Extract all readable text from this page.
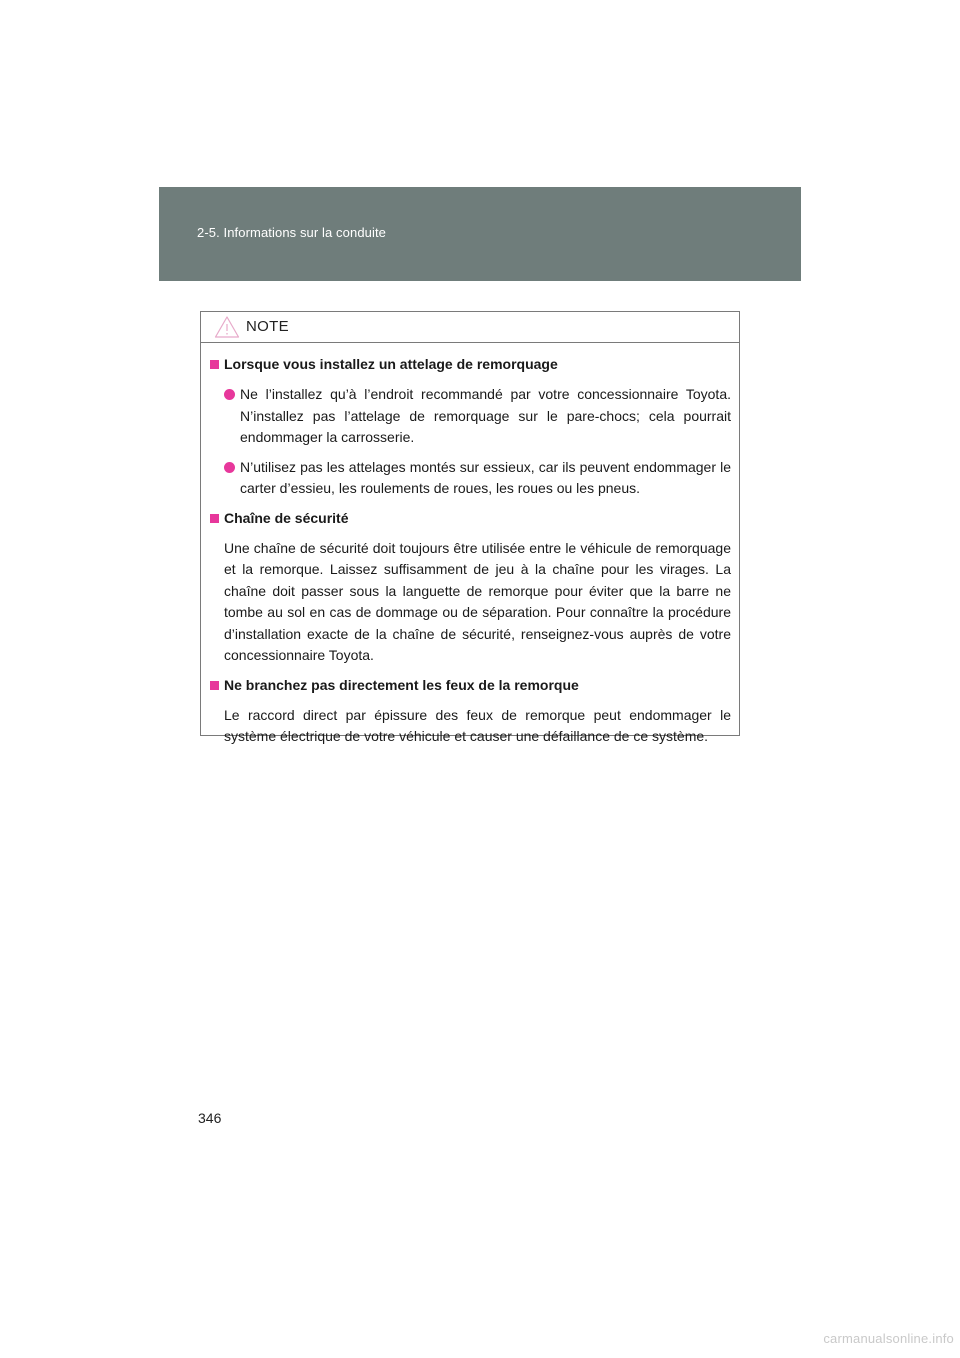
2-5. Informations sur la conduite
NOTE
Lorsque vous installez un attelage de remorquage
Ne l’installez qu’à l’endroit recommandé par votre concessionnaire Toyota. N’installez pas l’attelage de remorquage sur le pare-chocs; cela pourrait endommager la carrosserie.
N’utilisez pas les attelages montés sur essieux, car ils peuvent endommager le carter d’essieu, les roulements de roues, les roues ou les pneus.
Chaîne de sécurité
Une chaîne de sécurité doit toujours être utilisée entre le véhicule de remorquage et la remorque. Laissez suffisamment de jeu à la chaîne pour les virages. La chaîne doit passer sous la languette de remorque pour éviter que la barre ne tombe au sol en cas de dommage ou de séparation. Pour connaître la procédure d’installation exacte de la chaîne de sécurité, renseignez-vous auprès de votre concessionnaire Toyota.
Ne branchez pas directement les feux de la remorque
Le raccord direct par épissure des feux de remorque peut endommager le système électrique de votre véhicule et causer une défaillance de ce système.
346
carmanualsonline.info
